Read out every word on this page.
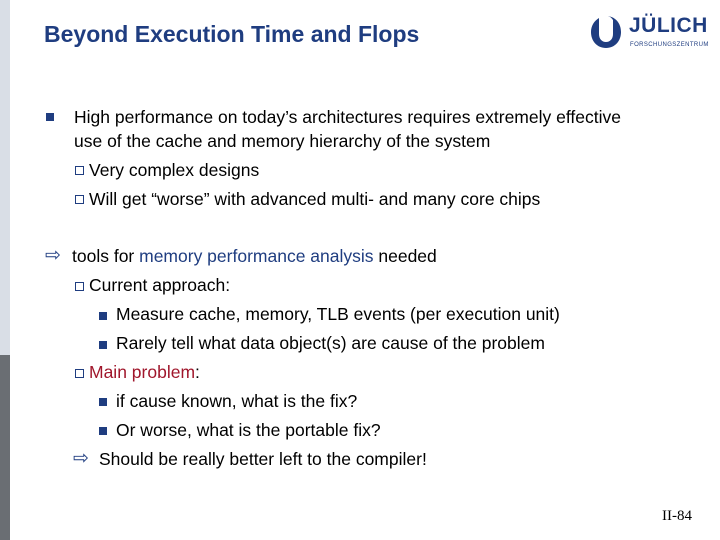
Beyond Execution Time and Flops	JÜLICH
FORSCHUNGSZENTRUM
High performance on today’s architectures requires extremely effective
use of the cache and memory hierarchy of the system
Very complex designs
Will get “worse” with advanced multi- and many core chips
⇨ tools for memory performance analysis needed
Current approach:
Measure cache, memory, TLB events (per execution unit)
Rarely tell what data object(s) are cause of the problem
Main problem:
if cause known, what is the fix?
Or worse, what is the portable fix?
⇨ Should be really better left to the compiler!
II-84
